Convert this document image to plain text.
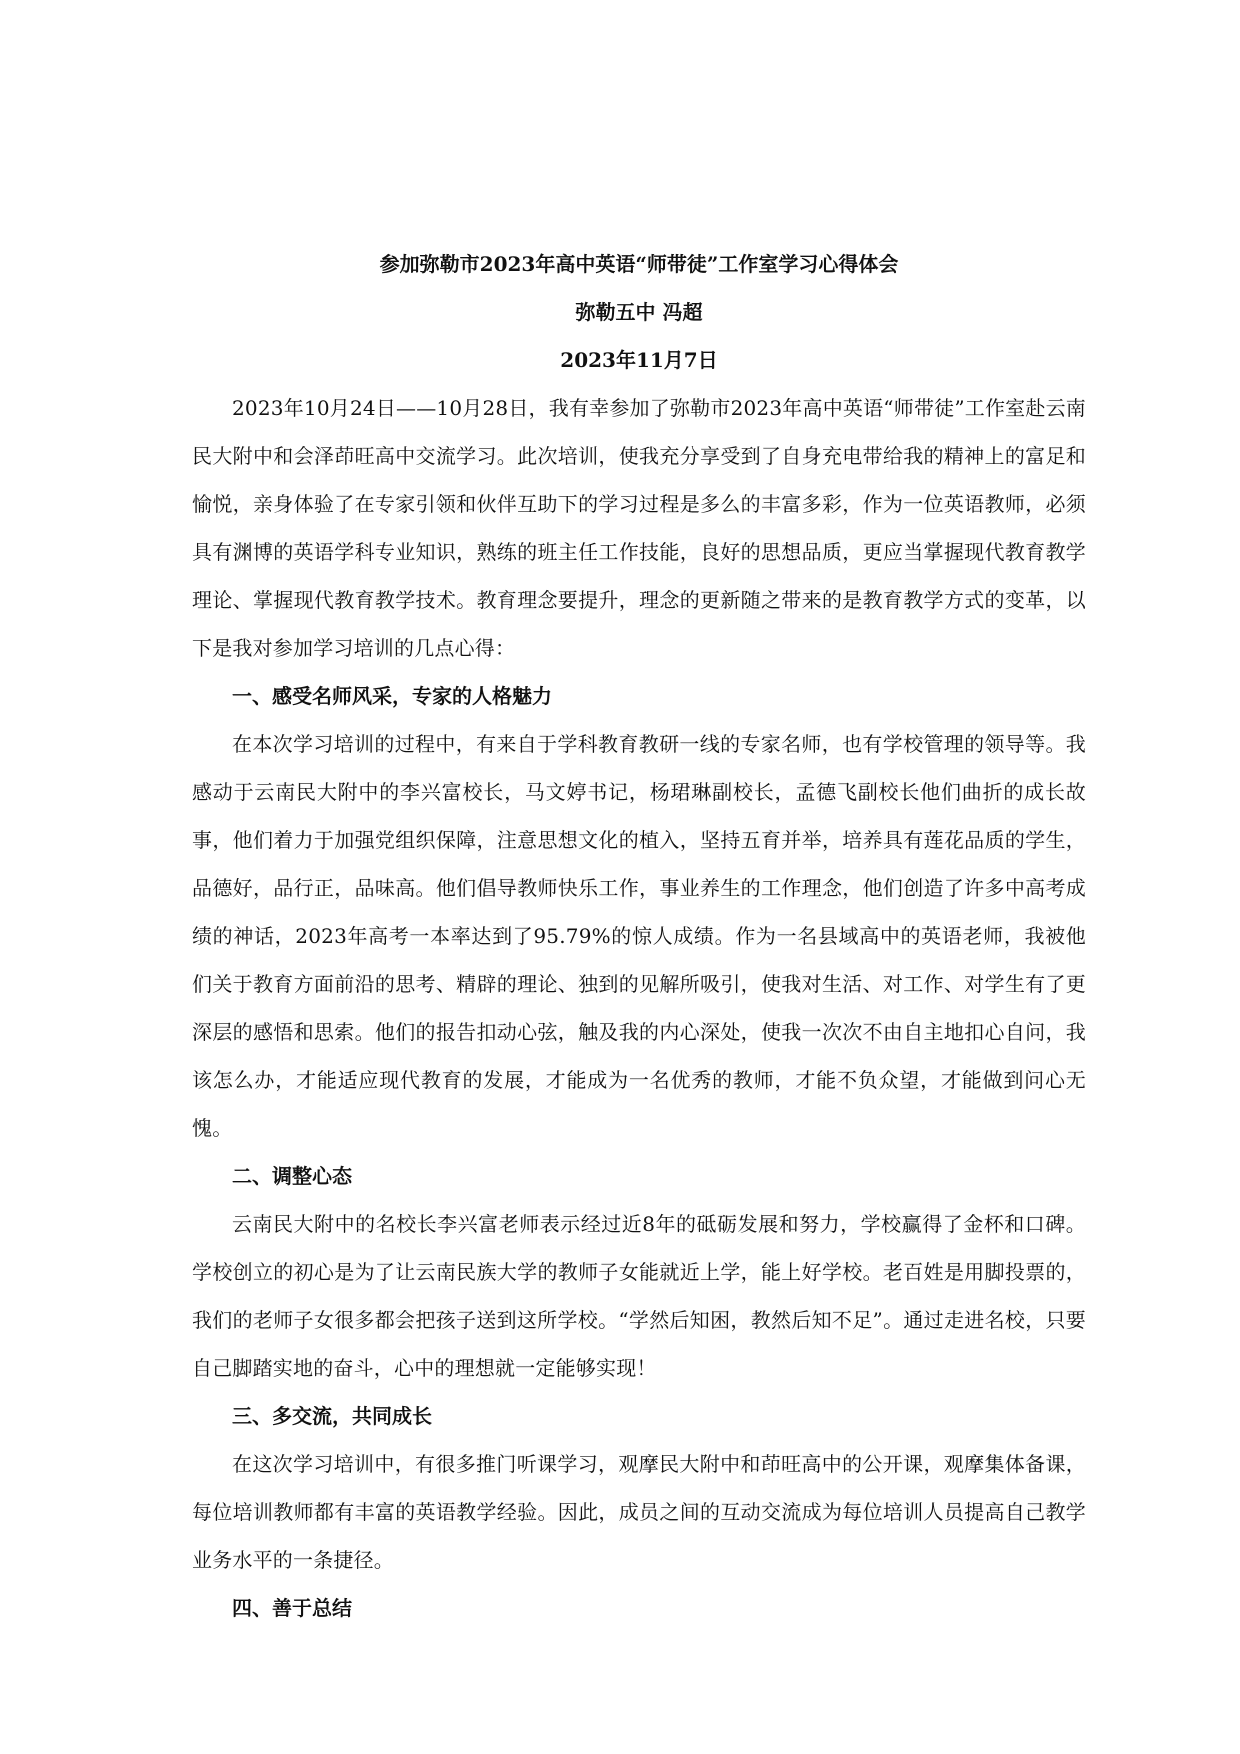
参加弥勒市2023年高中英语“师带徒”工作室学习心得体会

弥勒五中 冯超

2023年11月7日

2023年10月24日——10月28日，我有幸参加了弥勒市2023年高中英语“师带徒”工作室赴云南民大附中和会泽茚旺高中交流学习。此次培训，使我充分享受到了自身充电带给我的精神上的富足和愉悦，亲身体验了在专家引领和伙伴互助下的学习过程是多么的丰富多彩，作为一位英语教师，必须具有渊博的英语学科专业知识，熟练的班主任工作技能，良好的思想品质，更应当掌握现代教育教学理论、掌握现代教育教学技术。教育理念要提升，理念的更新随之带来的是教育教学方式的变革，以下是我对参加学习培训的几点心得：

一、感受名师风采，专家的人格魅力

在本次学习培训的过程中，有来自于学科教育教研一线的专家名师，也有学校管理的领导等。我感动于云南民大附中的李兴富校长，马文婷书记，杨珺琳副校长，孟德飞副校长他们曲折的成长故事，他们着力于加强党组织保障，注意思想文化的植入，坚持五育并举，培养具有莲花品质的学生，品德好，品行正，品味高。他们倡导教师快乐工作，事业养生的工作理念，他们创造了许多中高考成绩的神话，2023年高考一本率达到了95.79%的惊人成绩。作为一名县域高中的英语老师，我被他们关于教育方面前沿的思考、精辟的理论、独到的见解所吸引，使我对生活、对工作、对学生有了更深层的感悟和思索。他们的报告扣动心弦，触及我的内心深处，使我一次次不由自主地扣心自问，我该怎么办，才能适应现代教育的发展，才能成为一名优秀的教师，才能不负众望，才能做到问心无愧。

二、调整心态

云南民大附中的名校长李兴富老师表示经过近8年的砥砺发展和努力，学校赢得了金杯和口碑。学校创立的初心是为了让云南民族大学的教师子女能就近上学，能上好学校。老百姓是用脚投票的，我们的老师子女很多都会把孩子送到这所学校。“学然后知困，教然后知不足”。通过走进名校，只要自己脚踏实地的奋斗，心中的理想就一定能够实现！

三、多交流，共同成长

在这次学习培训中，有很多推门听课学习，观摩民大附中和茚旺高中的公开课，观摩集体备课，每位培训教师都有丰富的英语教学经验。因此，成员之间的互动交流成为每位培训人员提高自己教学业务水平的一条捷径。

四、善于总结
